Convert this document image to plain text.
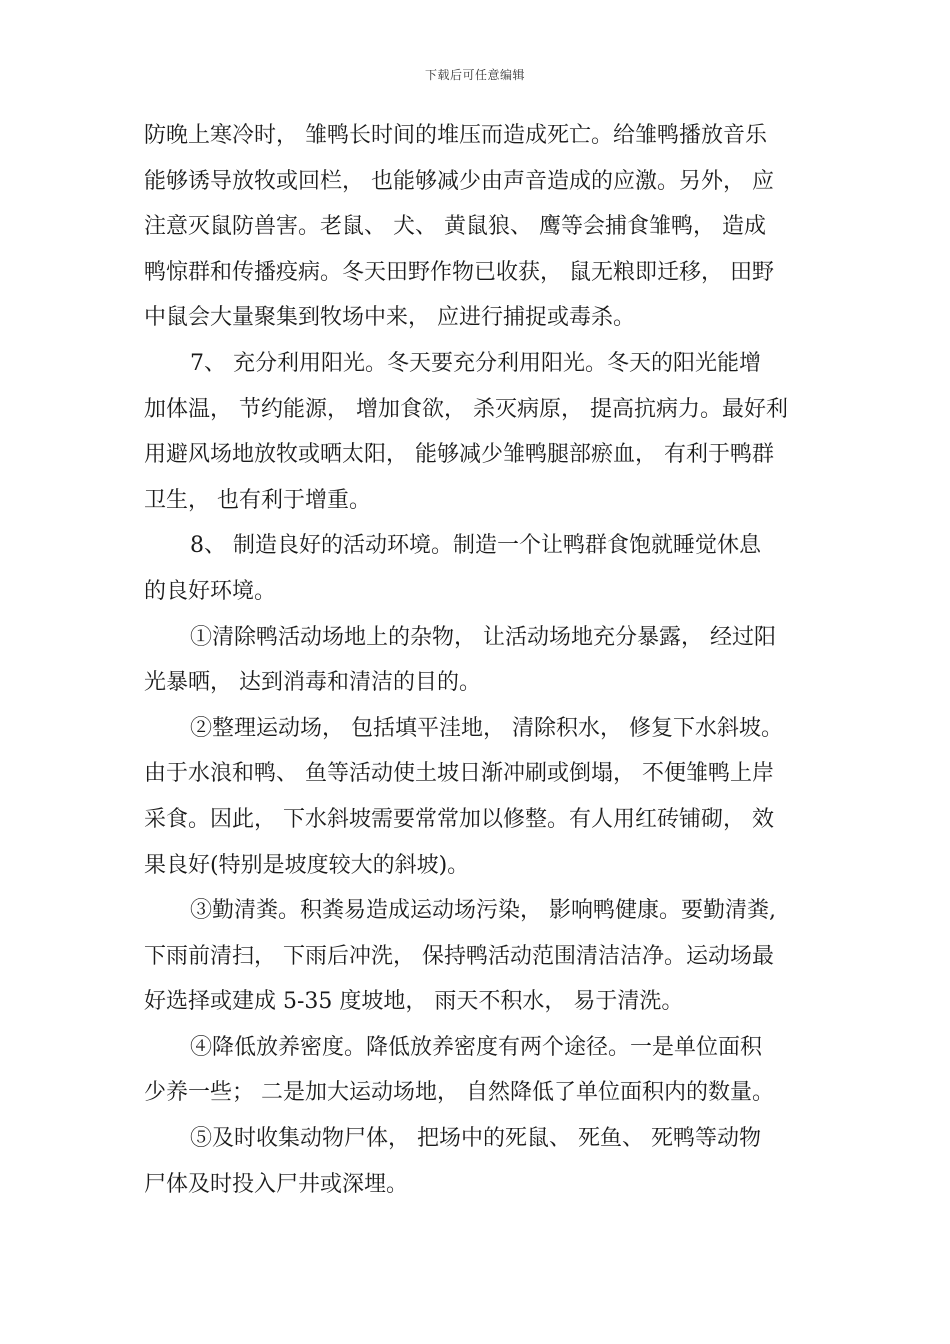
下载后可任意编辑
防晚上寒冷时， 雏鸭长时间的堆压而造成死亡。给雏鸭播放音乐
能够诱导放牧或回栏， 也能够减少由声音造成的应激。另外， 应
注意灭鼠防兽害。老鼠、 犬、 黄鼠狼、 鹰等会捕食雏鸭， 造成
鸭惊群和传播疫病。冬天田野作物已收获， 鼠无粮即迁移， 田野
中鼠会大量聚集到牧场中来， 应进行捕捉或毒杀。
7、 充分利用阳光。冬天要充分利用阳光。冬天的阳光能增
加体温， 节约能源， 增加食欲， 杀灭病原， 提高抗病力。最好利
用避风场地放牧或晒太阳， 能够减少雏鸭腿部瘀血， 有利于鸭群
卫生， 也有利于增重。
8、 制造良好的活动环境。制造一个让鸭群食饱就睡觉休息
的良好环境。
①清除鸭活动场地上的杂物， 让活动场地充分暴露， 经过阳
光暴晒， 达到消毒和清洁的目的。
②整理运动场， 包括填平洼地， 清除积水， 修复下水斜坡。
由于水浪和鸭、 鱼等活动使土坡日渐冲刷或倒塌， 不便雏鸭上岸
采食。因此， 下水斜坡需要常常加以修整。有人用红砖铺砌， 效
果良好(特别是坡度较大的斜坡)。
③勤清粪。积粪易造成运动场污染， 影响鸭健康。要勤清粪,
下雨前清扫， 下雨后冲洗， 保持鸭活动范围清洁洁净。运动场最
好选择或建成 5-35 度坡地， 雨天不积水， 易于清洗。
④降低放养密度。降低放养密度有两个途径。一是单位面积
少养一些； 二是加大运动场地， 自然降低了单位面积内的数量。
⑤及时收集动物尸体， 把场中的死鼠、 死鱼、 死鸭等动物
尸体及时投入尸井或深埋。
